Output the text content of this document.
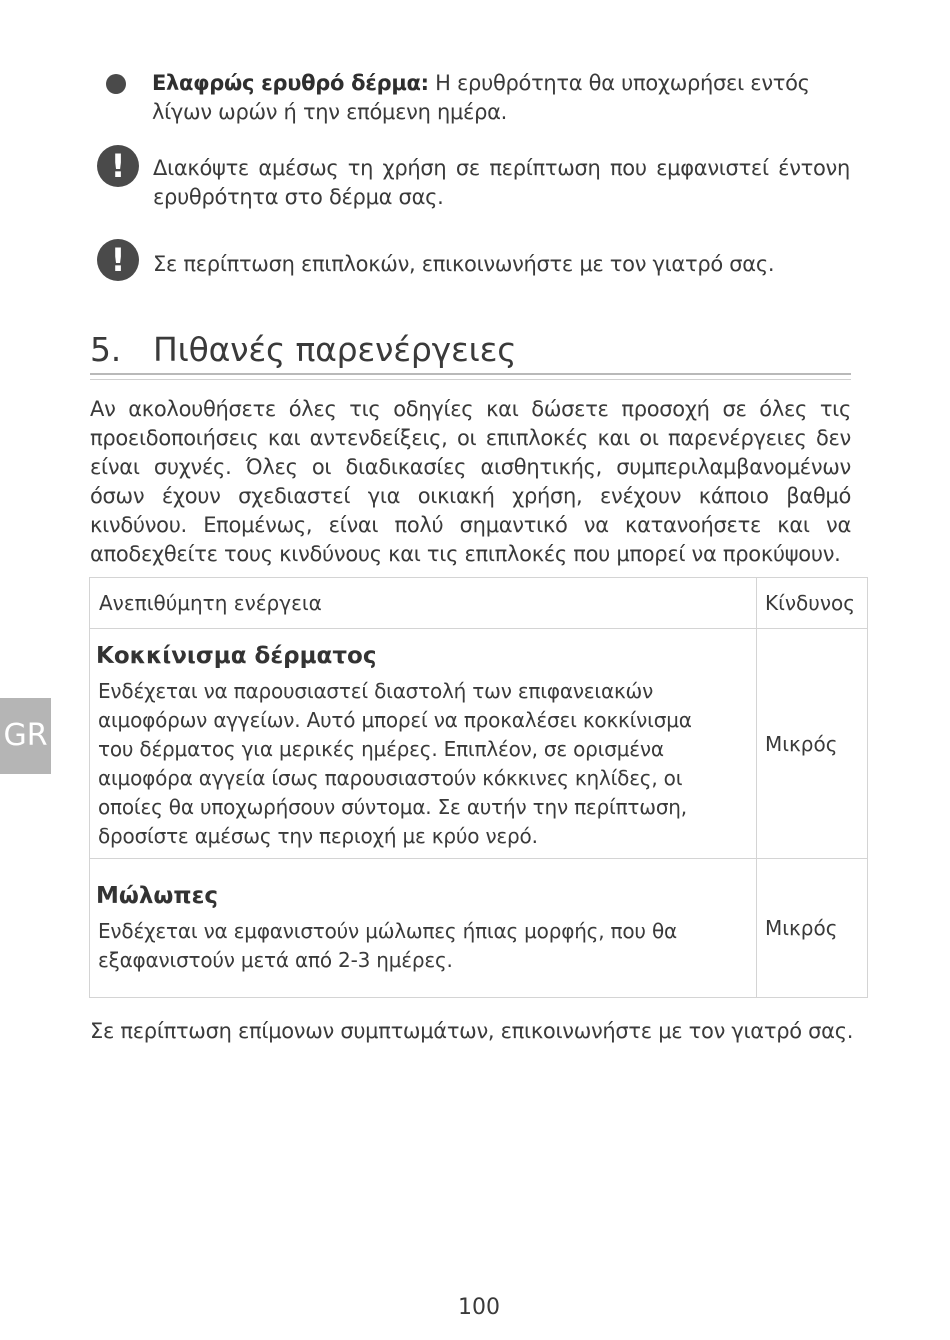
Ελαφρώς ερυθρό δέρμα: Η ερυθρότητα θα υποχωρήσει εντός λίγων ωρών ή την επόμενη ημέρα.
!	Διακόψτε αμέσως τη χρήση σε περίπτωση που εμφανιστεί έντονη ερυθρότητα στο δέρμα σας.
!	Σε περίπτωση επιπλοκών, επικοινωνήστε με τον γιατρό σας.
5. Πιθανές παρενέργειες
Αν ακολουθήσετε όλες τις οδηγίες και δώσετε προσοχή σε όλες τις προειδοποιήσεις και αντενδείξεις, οι επιπλοκές και οι παρενέργειες δεν είναι συχνές. Όλες οι διαδικασίες αισθητικής, συμπεριλαμβανομένων όσων έχουν σχεδιαστεί για οικιακή χρήση, ενέχουν κάποιο βαθμό κινδύνου. Επομένως, είναι πολύ σημαντικό να κατανοήσετε και να αποδεχθείτε τους κινδύνους και τις επιπλοκές που μπορεί να προκύψουν.
Ανεπιθύμητη ενέργεια	Κίνδυνος

Κοκκίνισμα δέρματος
Ενδέχεται να παρουσιαστεί διαστολή των επιφανειακών αιμοφόρων αγγείων. Αυτό μπορεί να προκαλέσει κοκκίνισμα του δέρματος για μερικές ημέρες. Επιπλέον, σε ορισμένα αιμοφόρα αγγεία ίσως παρουσιαστούν κόκκινες κηλίδες, οι οποίες θα υποχωρήσουν σύντομα. Σε αυτήν την περίπτωση, δροσίστε αμέσως την περιοχή με κρύο νερό.	Μικρός

Μώλωπες
Ενδέχεται να εμφανιστούν μώλωπες ήπιας μορφής, που θα εξαφανιστούν μετά από 2-3 ημέρες.	Μικρός
Σε περίπτωση επίμονων συμπτωμάτων, επικοινωνήστε με τον γιατρό σας.
GR
100
